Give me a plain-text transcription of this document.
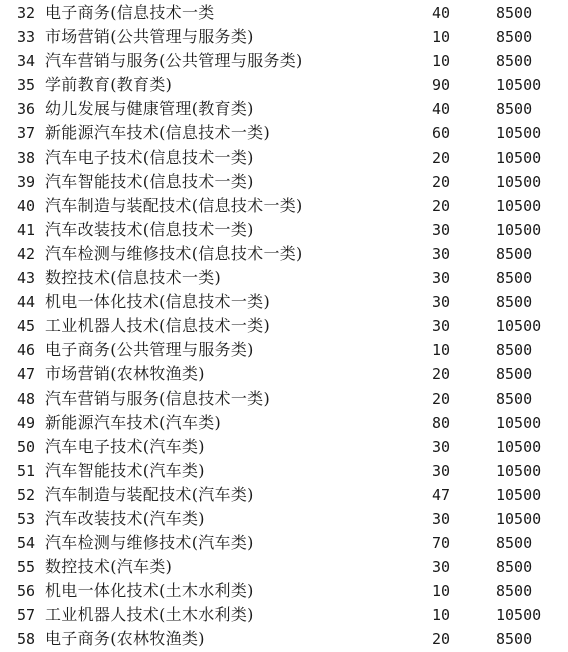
32 电子商务(信息技术一类	40	8500
33 市场营销(公共管理与服务类)	10	8500
34 汽车营销与服务(公共管理与服务类)	10	8500
35 学前教育(教育类)	90	10500
36 幼儿发展与健康管理(教育类)	40	8500
37 新能源汽车技术(信息技术一类)	60	10500
38 汽车电子技术(信息技术一类)	20	10500
39 汽车智能技术(信息技术一类)	20	10500
40 汽车制造与装配技术(信息技术一类)	20	10500
41 汽车改装技术(信息技术一类)	30	10500
42 汽车检测与维修技术(信息技术一类)	30	8500
43 数控技术(信息技术一类)	30	8500
44 机电一体化技术(信息技术一类)	30	8500
45 工业机器人技术(信息技术一类)	30	10500
46 电子商务(公共管理与服务类)	10	8500
47 市场营销(农林牧渔类)	20	8500
48 汽车营销与服务(信息技术一类)	20	8500
49 新能源汽车技术(汽车类)	80	10500
50 汽车电子技术(汽车类)	30	10500
51 汽车智能技术(汽车类)	30	10500
52 汽车制造与装配技术(汽车类)	47	10500
53 汽车改装技术(汽车类)	30	10500
54 汽车检测与维修技术(汽车类)	70	8500
55 数控技术(汽车类)	30	8500
56 机电一体化技术(土木水利类)	10	8500
57 工业机器人技术(土木水利类)	10	10500
58 电子商务(农林牧渔类)	20	8500
